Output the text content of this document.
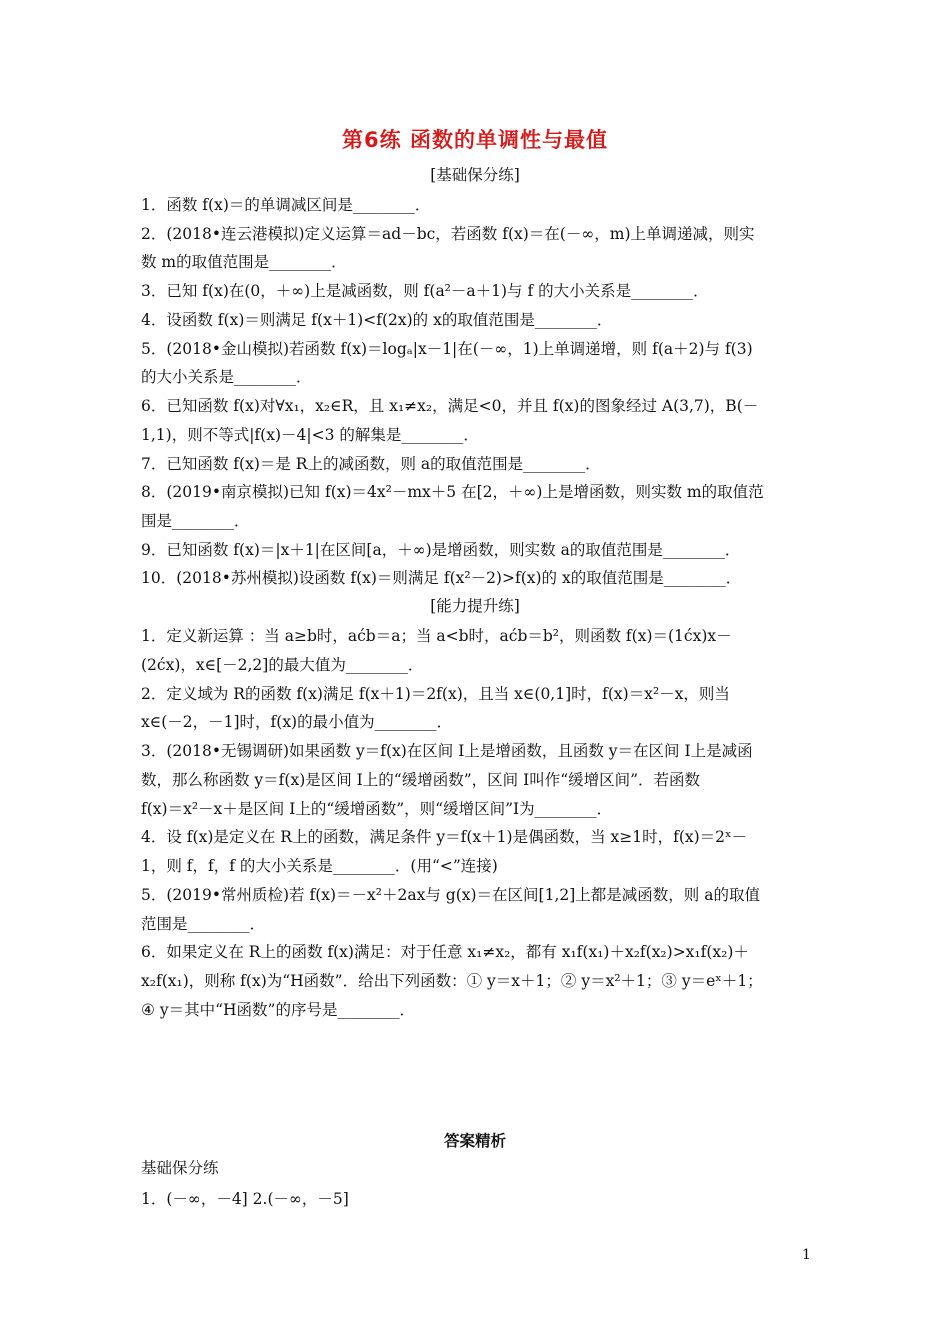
第6练 函数的单调性与最值
[基础保分练]
1．函数 f(x)＝的单调减区间是________．
2．(2018•连云港模拟)定义运算＝ad－bc，若函数 f(x)＝在(－∞，m)上单调递减，则实
数 m的取值范围是________．
3．已知 f(x)在(0，＋∞)上是减函数，则 f(a²－a＋1)与 f 的大小关系是________．
4．设函数 f(x)＝则满足 f(x＋1)<f(2x)的 x的取值范围是________．
5．(2018•金山模拟)若函数 f(x)＝logₐ|x－1|在(－∞，1)上单调递增，则 f(a＋2)与 f(3)
的大小关系是________．
6．已知函数 f(x)对∀x₁，x₂∈R，且 x₁≠x₂，满足<0，并且 f(x)的图象经过 A(3,7)，B(－
1,1)，则不等式|f(x)－4|<3 的解集是________．
7．已知函数 f(x)＝是 R上的减函数，则 a的取值范围是________．
8．(2019•南京模拟)已知 f(x)＝4x²－mx＋5 在[2，＋∞)上是增函数，则实数 m的取值范
围是________．
9．已知函数 f(x)＝|x＋1|在区间[a，＋∞)是增函数，则实数 a的取值范围是________．
10．(2018•苏州模拟)设函数 f(x)＝则满足 f(x²－2)>f(x)的 x的取值范围是________．
[能力提升练]
1．定义新运算 ：当 a≥b时，aćb＝a；当 a<b时，aćb＝b²，则函数 f(x)＝(1ćx)x－
(2ćx)，x∈[－2,2]的最大值为________．
2．定义域为 R的函数 f(x)满足 f(x＋1)＝2f(x)，且当 x∈(0,1]时，f(x)＝x²－x，则当
x∈(－2，－1]时，f(x)的最小值为________．
3．(2018•无锡调研)如果函数 y＝f(x)在区间 I上是增函数，且函数 y＝在区间 I上是减函
数，那么称函数 y＝f(x)是区间 I上的“缓增函数”，区间 I叫作“缓增区间”．若函数
f(x)＝x²－x＋是区间 I上的“缓增函数”，则“缓增区间”I为________．
4．设 f(x)是定义在 R上的函数，满足条件 y＝f(x＋1)是偶函数，当 x≥1时，f(x)＝2ˣ－
1，则 f，f，f 的大小关系是________．(用“<”连接)
5．(2019•常州质检)若 f(x)＝－x²＋2ax与 g(x)＝在区间[1,2]上都是减函数，则 a的取值
范围是________．
6．如果定义在 R上的函数 f(x)满足：对于任意 x₁≠x₂，都有 x₁f(x₁)＋x₂f(x₂)>x₁f(x₂)＋
x₂f(x₁)，则称 f(x)为“H函数”．给出下列函数：① y＝x＋1；② y＝x²＋1；③ y＝eˣ＋1；
④ y＝其中“H函数”的序号是________．
答案精析
基础保分练
1．(－∞，－4] 2.(－∞，－5]
1
